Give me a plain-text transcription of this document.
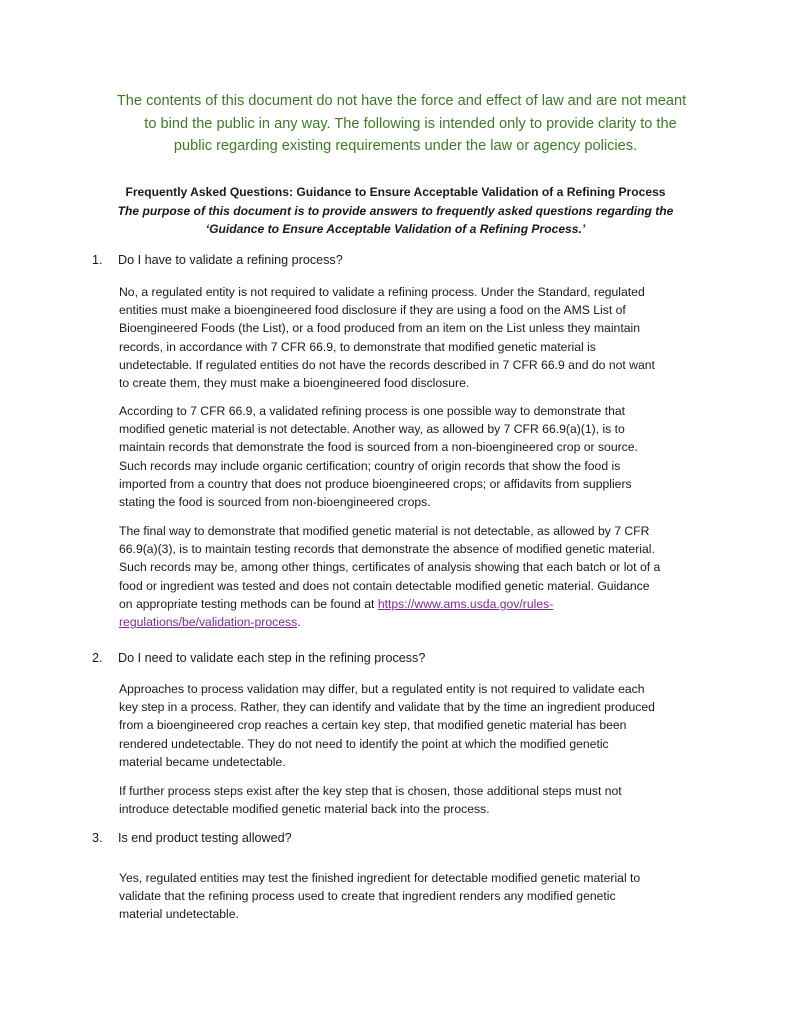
The contents of this document do not have the force and effect of law and are not meant
to bind the public in any way. The following is intended only to provide clarity to the
public regarding existing requirements under the law or agency policies.
Frequently Asked Questions: Guidance to Ensure Acceptable Validation of a Refining Process
The purpose of this document is to provide answers to frequently asked questions regarding the
‘Guidance to Ensure Acceptable Validation of a Refining Process.’
1. Do I have to validate a refining process?
No, a regulated entity is not required to validate a refining process. Under the Standard, regulated
entities must make a bioengineered food disclosure if they are using a food on the AMS List of
Bioengineered Foods (the List), or a food produced from an item on the List unless they maintain
records, in accordance with 7 CFR 66.9, to demonstrate that modified genetic material is
undetectable. If regulated entities do not have the records described in 7 CFR 66.9 and do not want
to create them, they must make a bioengineered food disclosure.
According to 7 CFR 66.9, a validated refining process is one possible way to demonstrate that
modified genetic material is not detectable. Another way, as allowed by 7 CFR 66.9(a)(1), is to
maintain records that demonstrate the food is sourced from a non-bioengineered crop or source.
Such records may include organic certification; country of origin records that show the food is
imported from a country that does not produce bioengineered crops; or affidavits from suppliers
stating the food is sourced from non-bioengineered crops.
The final way to demonstrate that modified genetic material is not detectable, as allowed by 7 CFR
66.9(a)(3), is to maintain testing records that demonstrate the absence of modified genetic material.
Such records may be, among other things, certificates of analysis showing that each batch or lot of a
food or ingredient was tested and does not contain detectable modified genetic material. Guidance
on appropriate testing methods can be found at https://www.ams.usda.gov/rules-
regulations/be/validation-process.
2. Do I need to validate each step in the refining process?
Approaches to process validation may differ, but a regulated entity is not required to validate each
key step in a process. Rather, they can identify and validate that by the time an ingredient produced
from a bioengineered crop reaches a certain key step, that modified genetic material has been
rendered undetectable. They do not need to identify the point at which the modified genetic
material became undetectable.
If further process steps exist after the key step that is chosen, those additional steps must not
introduce detectable modified genetic material back into the process.
3. Is end product testing allowed?
Yes, regulated entities may test the finished ingredient for detectable modified genetic material to
validate that the refining process used to create that ingredient renders any modified genetic
material undetectable.
